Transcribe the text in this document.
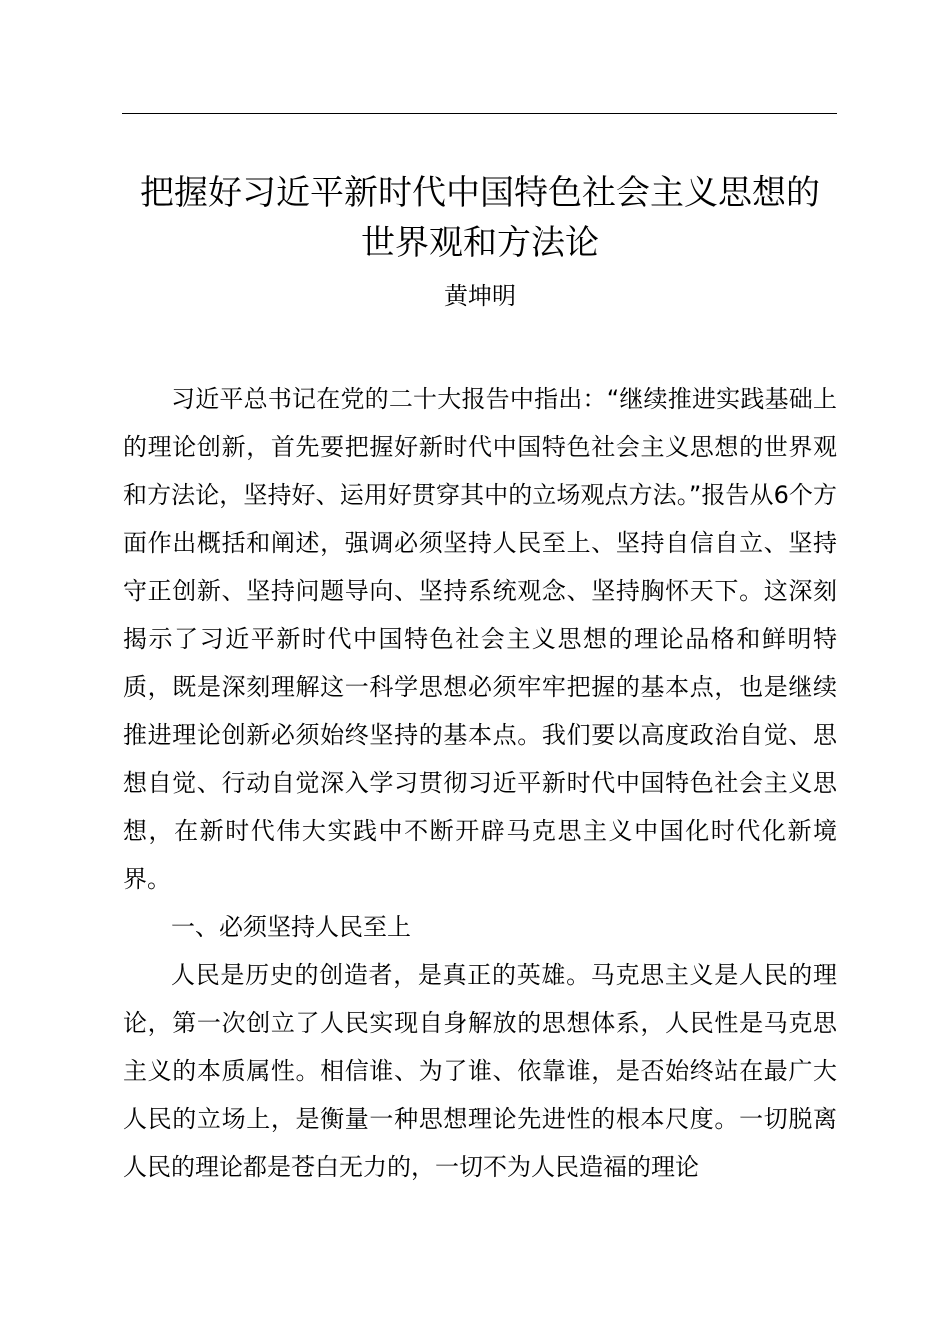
把握好习近平新时代中国特色社会主义思想的
世界观和方法论

黄坤明

习近平总书记在党的二十大报告中指出：“继续推进实践基础上的理论创新，首先要把握好新时代中国特色社会主义思想的世界观和方法论，坚持好、运用好贯穿其中的立场观点方法。”报告从6个方面作出概括和阐述，强调必须坚持人民至上、坚持自信自立、坚持守正创新、坚持问题导向、坚持系统观念、坚持胸怀天下。这深刻揭示了习近平新时代中国特色社会主义思想的理论品格和鲜明特质，既是深刻理解这一科学思想必须牢牢把握的基本点，也是继续推进理论创新必须始终坚持的基本点。我们要以高度政治自觉、思想自觉、行动自觉深入学习贯彻习近平新时代中国特色社会主义思想，在新时代伟大实践中不断开辟马克思主义中国化时代化新境界。

一、必须坚持人民至上

人民是历史的创造者，是真正的英雄。马克思主义是人民的理论，第一次创立了人民实现自身解放的思想体系，人民性是马克思主义的本质属性。相信谁、为了谁、依靠谁，是否始终站在最广大人民的立场上，是衡量一种思想理论先进性的根本尺度。一切脱离人民的理论都是苍白无力的，一切不为人民造福的理论
